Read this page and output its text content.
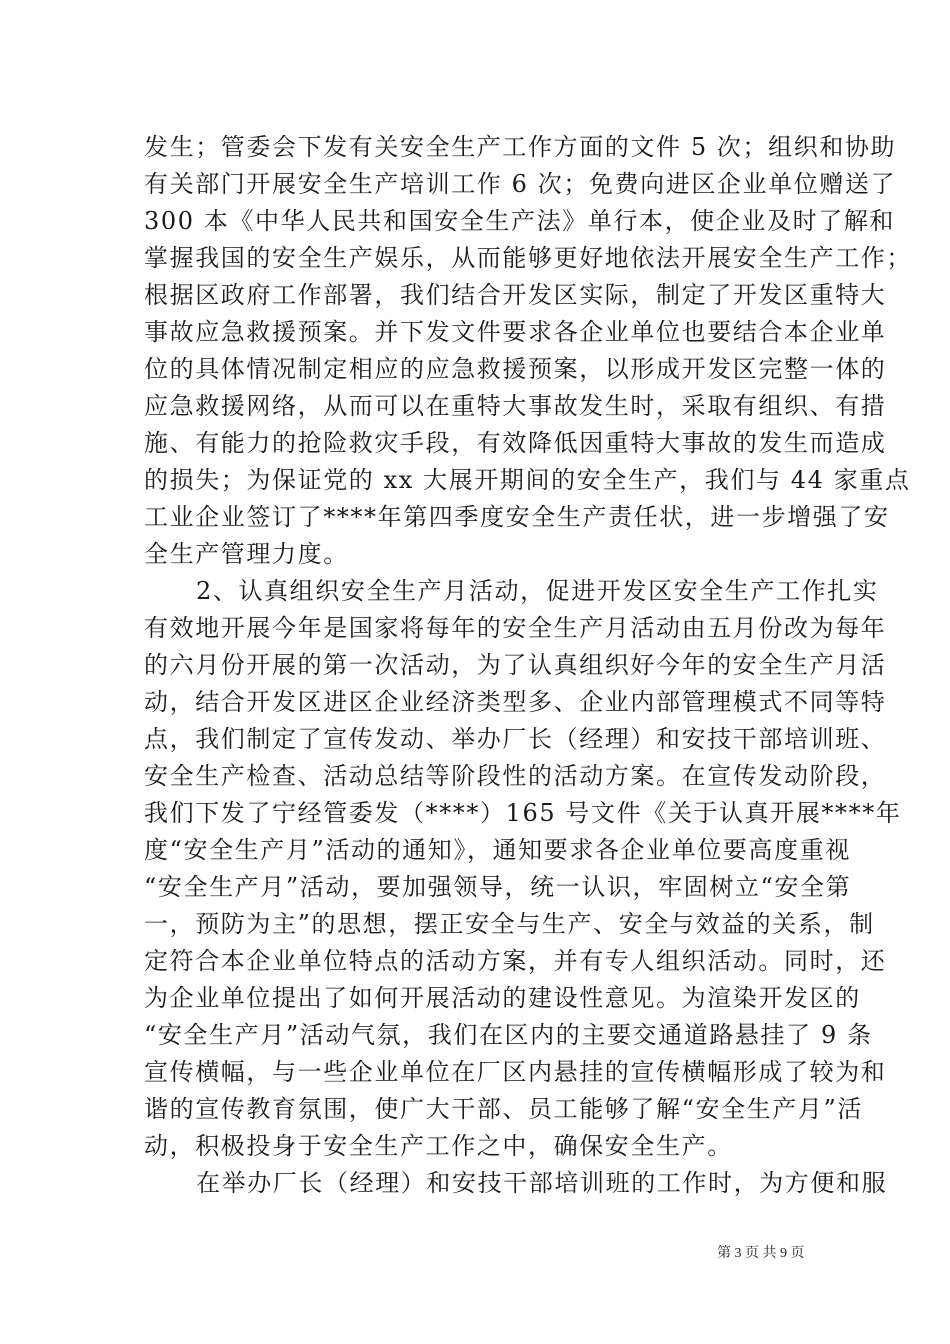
发生；管委会下发有关安全生产工作方面的文件 5 次；组织和协助
有关部门开展安全生产培训工作 6 次；免费向进区企业单位赠送了
300 本《中华人民共和国安全生产法》单行本，使企业及时了解和
掌握我国的安全生产娱乐，从而能够更好地依法开展安全生产工作；
根据区政府工作部署，我们结合开发区实际，制定了开发区重特大
事故应急救援预案。并下发文件要求各企业单位也要结合本企业单
位的具体情况制定相应的应急救援预案，以形成开发区完整一体的
应急救援网络，从而可以在重特大事故发生时，采取有组织、有措
施、有能力的抢险救灾手段，有效降低因重特大事故的发生而造成
的损失；为保证党的 xx 大展开期间的安全生产，我们与 44 家重点
工业企业签订了****年第四季度安全生产责任状，进一步增强了安
全生产管理力度。
2、认真组织安全生产月活动，促进开发区安全生产工作扎实
有效地开展今年是国家将每年的安全生产月活动由五月份改为每年
的六月份开展的第一次活动，为了认真组织好今年的安全生产月活
动，结合开发区进区企业经济类型多、企业内部管理模式不同等特
点，我们制定了宣传发动、举办厂长（经理）和安技干部培训班、
安全生产检查、活动总结等阶段性的活动方案。在宣传发动阶段，
我们下发了宁经管委发（****）165 号文件《关于认真开展****年
度“安全生产月”活动的通知》，通知要求各企业单位要高度重视
“安全生产月”活动，要加强领导，统一认识，牢固树立“安全第
一，预防为主”的思想，摆正安全与生产、安全与效益的关系，制
定符合本企业单位特点的活动方案，并有专人组织活动。同时，还
为企业单位提出了如何开展活动的建设性意见。为渲染开发区的
“安全生产月”活动气氛，我们在区内的主要交通道路悬挂了 9 条
宣传横幅，与一些企业单位在厂区内悬挂的宣传横幅形成了较为和
谐的宣传教育氛围，使广大干部、员工能够了解“安全生产月”活
动，积极投身于安全生产工作之中，确保安全生产。
在举办厂长（经理）和安技干部培训班的工作时，为方便和服
第 3 页 共 9 页
